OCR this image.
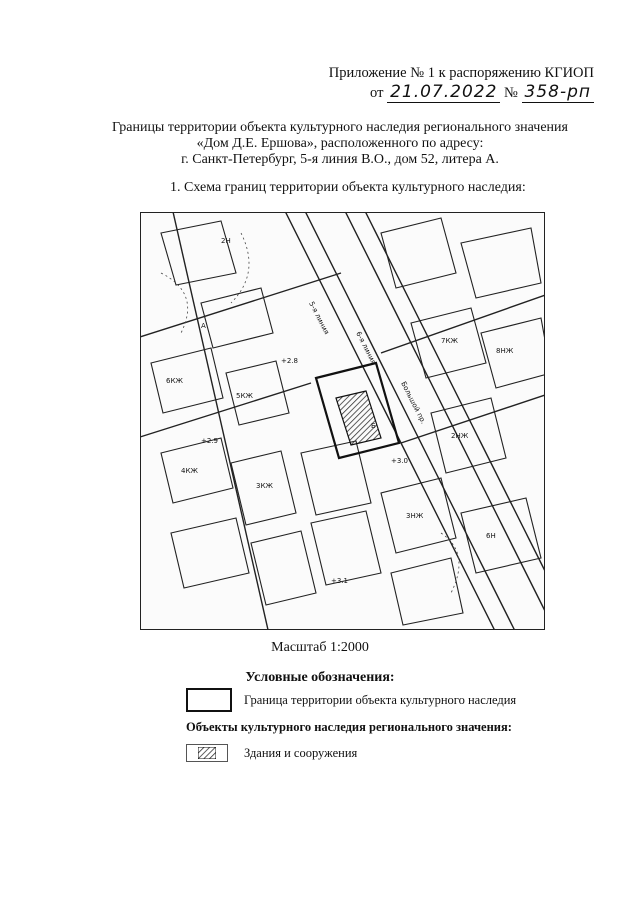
Приложение № 1 к распоряжению КГИОП
от 21.07.2022 № 358-рп
Границы территории объекта культурного наследия регионального значения
«Дом Д.Е. Ершова», расположенного по адресу:
г. Санкт-Петербург, 5-я линия В.О., дом 52, литера А.
1. Схема границ территории объекта культурного наследия:
5-я линия
6-я линия
Большой пр.
2Н
6КЖ
5КЖ
4КЖ
3КЖ
7КЖ
8НЖ
2НЖ
3НЖ
6Н
А
Б
+2.8
+3.0
+2.9
+3.1
Масштаб 1:2000
Условные обозначения:
Граница территории объекта культурного наследия
Объекты культурного наследия регионального значения:
Здания и сооружения
